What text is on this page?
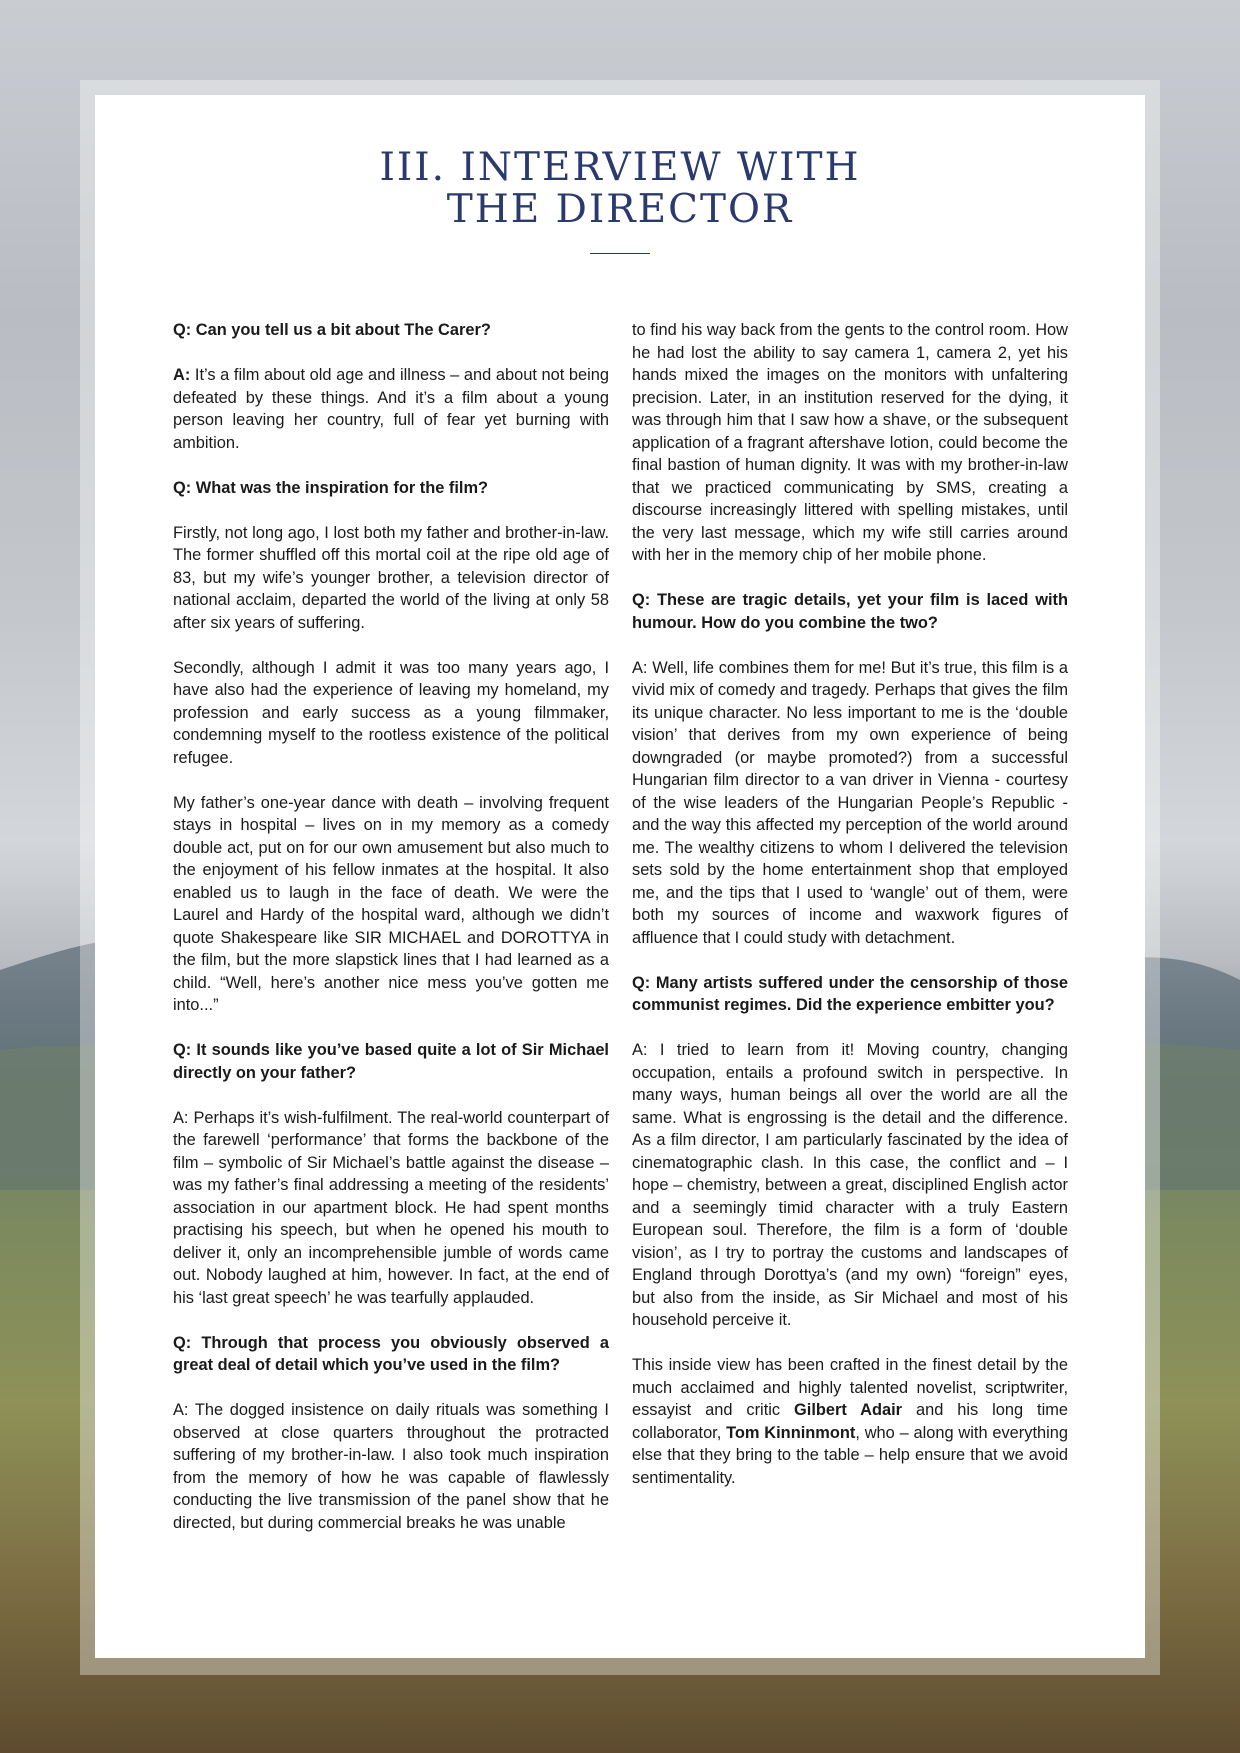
III. INTERVIEW WITH
THE DIRECTOR

Q: Can you tell us a bit about The Carer?

A: It’s a film about old age and illness – and about not being defeated by these things. And it’s a film about a young person leaving her country, full of fear yet burning with ambition.

Q: What was the inspiration for the film?

Firstly, not long ago, I lost both my father and brother-in-law. The former shuffled off this mortal coil at the ripe old age of 83, but my wife’s younger brother, a television director of national acclaim, departed the world of the living at only 58 after six years of suffering.

Secondly, although I admit it was too many years ago, I have also had the experience of leaving my homeland, my profession and early success as a young filmmaker, condemning myself to the rootless existence of the political refugee.

My father’s one-year dance with death – involving frequent stays in hospital – lives on in my memory as a comedy double act, put on for our own amusement but also much to the enjoyment of his fellow inmates at the hospital. It also enabled us to laugh in the face of death. We were the Laurel and Hardy of the hospital ward, although we didn’t quote Shakespeare like SIR MICHAEL and DOROTTYA in the film, but the more slapstick lines that I had learned as a child. “Well, here’s another nice mess you’ve gotten me into...”

Q: It sounds like you’ve based quite a lot of Sir Michael directly on your father?

A: Perhaps it’s wish-fulfilment. The real-world counterpart of the farewell ‘performance’ that forms the backbone of the film – symbolic of Sir Michael’s battle against the disease – was my father’s final addressing a meeting of the residents’ association in our apartment block. He had spent months practising his speech, but when he opened his mouth to deliver it, only an incomprehensible jumble of words came out. Nobody laughed at him, however. In fact, at the end of his ‘last great speech’ he was tearfully applauded.

Q: Through that process you obviously observed a great deal of detail which you’ve used in the film?

A: The dogged insistence on daily rituals was something I observed at close quarters throughout the protracted suffering of my brother-in-law. I also took much inspiration from the memory of how he was capable of flawlessly conducting the live transmission of the panel show that he directed, but during commercial breaks he was unable

to find his way back from the gents to the control room. How he had lost the ability to say camera 1, camera 2, yet his hands mixed the images on the monitors with unfaltering precision. Later, in an institution reserved for the dying, it was through him that I saw how a shave, or the subsequent application of a fragrant aftershave lotion, could become the final bastion of human dignity. It was with my brother-in-law that we practiced communicating by SMS, creating a discourse increasingly littered with spelling mistakes, until the very last message, which my wife still carries around with her in the memory chip of her mobile phone.

Q: These are tragic details, yet your film is laced with humour. How do you combine the two?

A: Well, life combines them for me! But it’s true, this film is a vivid mix of comedy and tragedy. Perhaps that gives the film its unique character. No less important to me is the ‘double vision’ that derives from my own experience of being downgraded (or maybe promoted?) from a successful Hungarian film director to a van driver in Vienna - courtesy of the wise leaders of the Hungarian People’s Republic - and the way this affected my perception of the world around me. The wealthy citizens to whom I delivered the television sets sold by the home entertainment shop that employed me, and the tips that I used to ‘wangle’ out of them, were both my sources of income and waxwork figures of affluence that I could study with detachment.

Q: Many artists suffered under the censorship of those communist regimes. Did the experience embitter you?

A: I tried to learn from it! Moving country, changing occupation, entails a profound switch in perspective. In many ways, human beings all over the world are all the same. What is engrossing is the detail and the difference. As a film director, I am particularly fascinated by the idea of cinematographic clash. In this case, the conflict and – I hope – chemistry, between a great, disciplined English actor and a seemingly timid character with a truly Eastern European soul. Therefore, the film is a form of ‘double vision’, as I try to portray the customs and landscapes of England through Dorottya’s (and my own) “foreign” eyes, but also from the inside, as Sir Michael and most of his household perceive it.

This inside view has been crafted in the finest detail by the much acclaimed and highly talented novelist, scriptwriter, essayist and critic Gilbert Adair and his long time collaborator, Tom Kinninmont, who – along with everything else that they bring to the table – help ensure that we avoid sentimentality.
